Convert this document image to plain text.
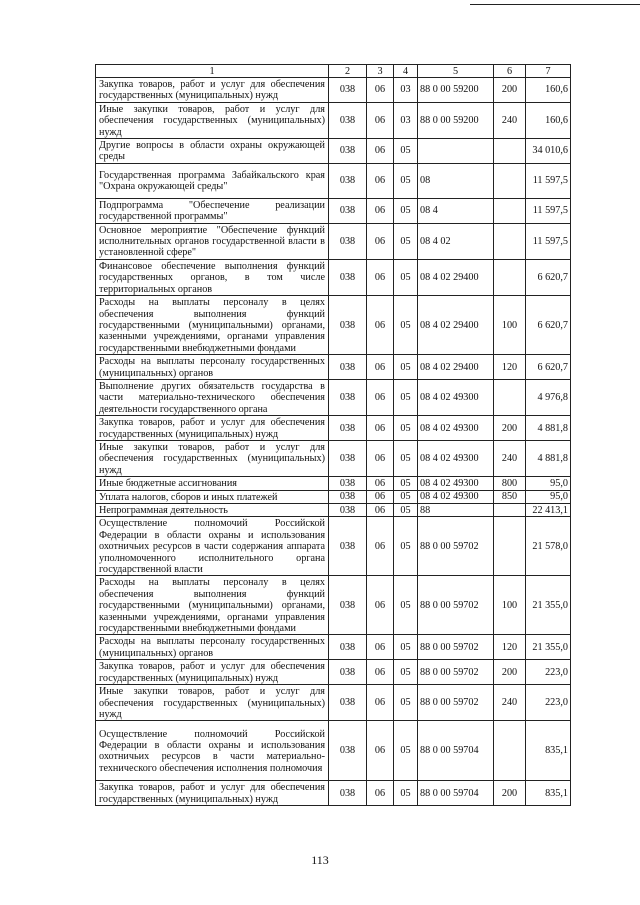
1	2	3	4	5	6	7
Закупка товаров, работ и услуг для обеспечения государственных (муниципальных) нужд	038	06	03	88 0 00 59200	200	160,6
Иные закупки товаров, работ и услуг для обеспечения государственных (муниципальных) нужд	038	06	03	88 0 00 59200	240	160,6
Другие вопросы в области охраны окружающей среды	038	06	05			34 010,6
Государственная программа Забайкальского края "Охрана окружающей среды"	038	06	05	08		11 597,5
Подпрограмма "Обеспечение реализации государственной программы"	038	06	05	08 4		11 597,5
Основное мероприятие "Обеспечение функций исполнительных органов государственной власти в установленной сфере"	038	06	05	08 4 02		11 597,5
Финансовое обеспечение выполнения функций государственных органов, в том числе территориальных органов	038	06	05	08 4 02 29400		6 620,7
Расходы на выплаты персоналу в целях обеспечения выполнения функций государственными (муниципальными) органами, казенными учреждениями, органами управления государственными внебюджетными фондами	038	06	05	08 4 02 29400	100	6 620,7
Расходы на выплаты персоналу государственных (муниципальных) органов	038	06	05	08 4 02 29400	120	6 620,7
Выполнение других обязательств государства в части материально-технического обеспечения деятельности государственного органа	038	06	05	08 4 02 49300		4 976,8
Закупка товаров, работ и услуг для обеспечения государственных (муниципальных) нужд	038	06	05	08 4 02 49300	200	4 881,8
Иные закупки товаров, работ и услуг для обеспечения государственных (муниципальных) нужд	038	06	05	08 4 02 49300	240	4 881,8
Иные бюджетные ассигнования	038	06	05	08 4 02 49300	800	95,0
Уплата налогов, сборов и иных платежей	038	06	05	08 4 02 49300	850	95,0
Непрограммная деятельность	038	06	05	88		22 413,1
Осуществление полномочий Российской Федерации в области охраны и использования охотничьих ресурсов в части содержания аппарата уполномоченного исполнительного органа государственной власти	038	06	05	88 0 00 59702		21 578,0
Расходы на выплаты персоналу в целях обеспечения выполнения функций государственными (муниципальными) органами, казенными учреждениями, органами управления государственными внебюджетными фондами	038	06	05	88 0 00 59702	100	21 355,0
Расходы на выплаты персоналу государственных (муниципальных) органов	038	06	05	88 0 00 59702	120	21 355,0
Закупка товаров, работ и услуг для обеспечения государственных (муниципальных) нужд	038	06	05	88 0 00 59702	200	223,0
Иные закупки товаров, работ и услуг для обеспечения государственных (муниципальных) нужд	038	06	05	88 0 00 59702	240	223,0
Осуществление полномочий Российской Федерации в области охраны и использования охотничьих ресурсов в части материально-технического обеспечения исполнения полномочия	038	06	05	88 0 00 59704		835,1
Закупка товаров, работ и услуг для обеспечения государственных (муниципальных) нужд	038	06	05	88 0 00 59704	200	835,1
113
